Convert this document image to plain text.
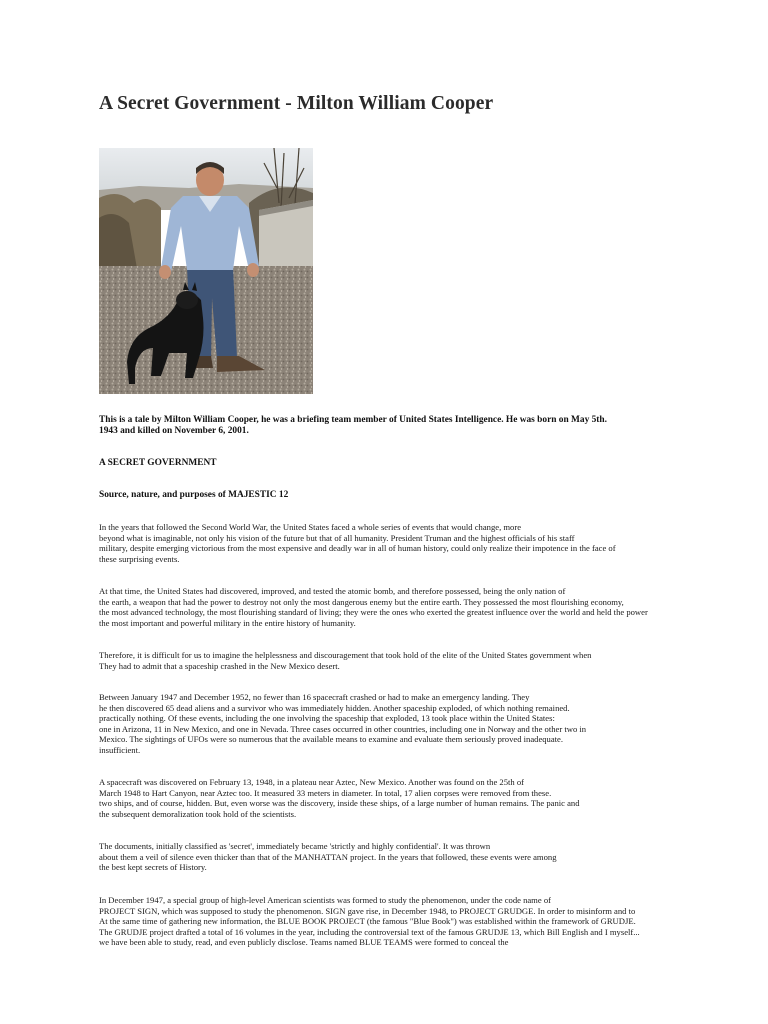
A Secret Government - Milton William Cooper
This is a tale by Milton William Cooper, he was a briefing team member of United States Intelligence. He was born on May 5th.
1943 and killed on November 6, 2001.
A SECRET GOVERNMENT
Source, nature, and purposes of MAJESTIC 12
In the years that followed the Second World War, the United States faced a whole series of events that would change, more
beyond what is imaginable, not only his vision of the future but that of all humanity. President Truman and the highest officials of his staff
military, despite emerging victorious from the most expensive and deadly war in all of human history, could only realize their impotence in the face of
these surprising events.
At that time, the United States had discovered, improved, and tested the atomic bomb, and therefore possessed, being the only nation of
the earth, a weapon that had the power to destroy not only the most dangerous enemy but the entire earth. They possessed the most flourishing economy,
the most advanced technology, the most flourishing standard of living; they were the ones who exerted the greatest influence over the world and held the power
the most important and powerful military in the entire history of humanity.
Therefore, it is difficult for us to imagine the helplessness and discouragement that took hold of the elite of the United States government when
They had to admit that a spaceship crashed in the New Mexico desert.
Between January 1947 and December 1952, no fewer than 16 spacecraft crashed or had to make an emergency landing. They
he then discovered 65 dead aliens and a survivor who was immediately hidden. Another spaceship exploded, of which nothing remained.
practically nothing. Of these events, including the one involving the spaceship that exploded, 13 took place within the United States:
one in Arizona, 11 in New Mexico, and one in Nevada. Three cases occurred in other countries, including one in Norway and the other two in
Mexico. The sightings of UFOs were so numerous that the available means to examine and evaluate them seriously proved inadequate.
insufficient.
A spacecraft was discovered on February 13, 1948, in a plateau near Aztec, New Mexico. Another was found on the 25th of
March 1948 to Hart Canyon, near Aztec too. It measured 33 meters in diameter. In total, 17 alien corpses were removed from these.
two ships, and of course, hidden. But, even worse was the discovery, inside these ships, of a large number of human remains. The panic and
the subsequent demoralization took hold of the scientists.
The documents, initially classified as 'secret', immediately became 'strictly and highly confidential'. It was thrown
about them a veil of silence even thicker than that of the MANHATTAN project. In the years that followed, these events were among
the best kept secrets of History.
In December 1947, a special group of high-level American scientists was formed to study the phenomenon, under the code name of
PROJECT SIGN, which was supposed to study the phenomenon. SIGN gave rise, in December 1948, to PROJECT GRUDGE. In order to misinform and to
At the same time of gathering new information, the BLUE BOOK PROJECT (the famous "Blue Book") was established within the framework of GRUDJE.
The GRUDJE project drafted a total of 16 volumes in the year, including the controversial text of the famous GRUDJE 13, which Bill English and I myself...
we have been able to study, read, and even publicly disclose. Teams named BLUE TEAMS were formed to conceal the
